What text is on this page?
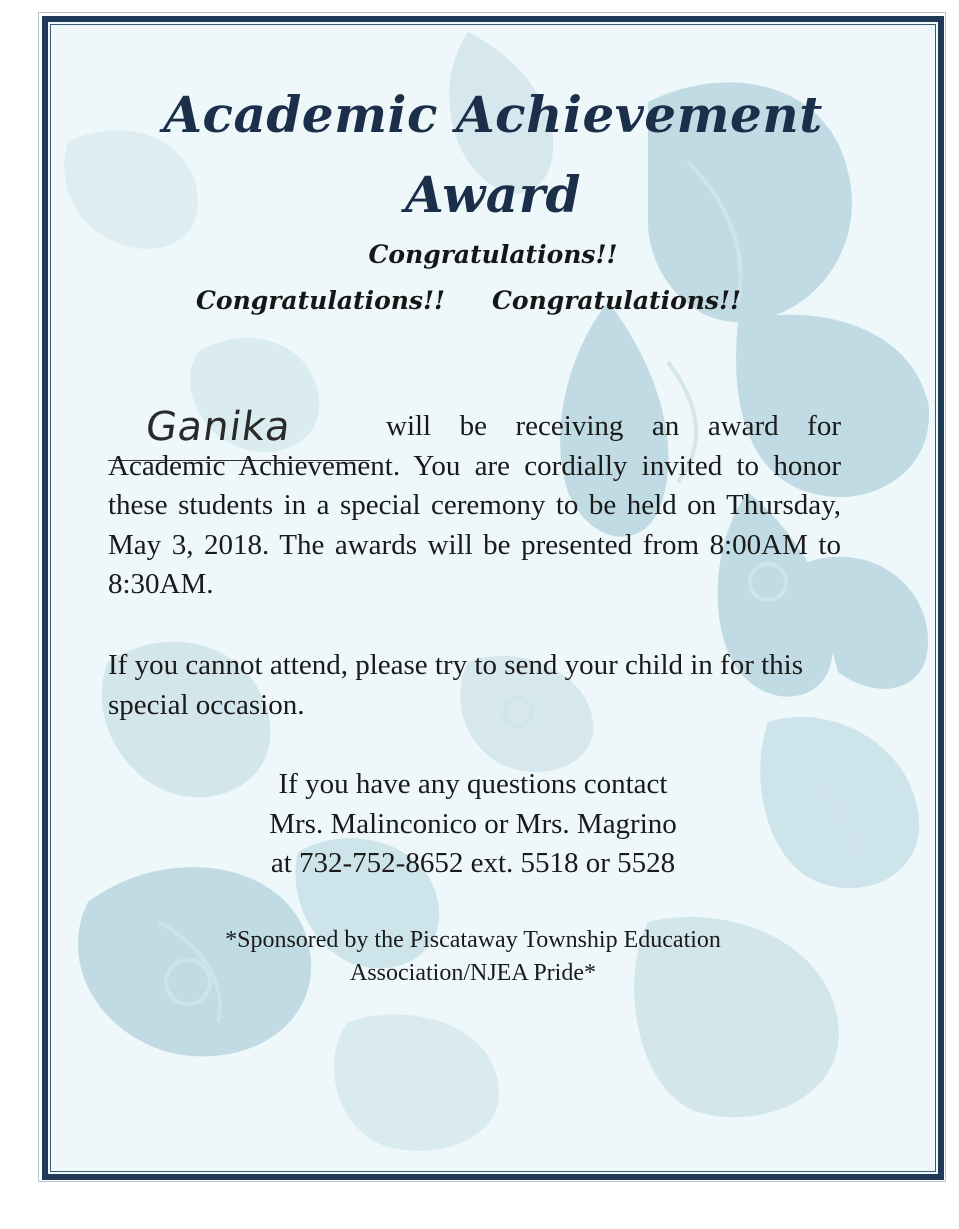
Academic Achievement
Award
Congratulations!!
Congratulations!! Congratulations!!
Ganika	will be receiving an award for Academic Achievement. You are cordially invited to honor these students in a special ceremony to be held on Thursday, May 3, 2018. The awards will be presented from 8:00AM to 8:30AM.
If you cannot attend, please try to send your child in for this special occasion.
If you have any questions contact
Mrs. Malinconico or Mrs. Magrino
at 732-752-8652 ext. 5518 or 5528
*Sponsored by the Piscataway Township Education
Association/NJEA Pride*
